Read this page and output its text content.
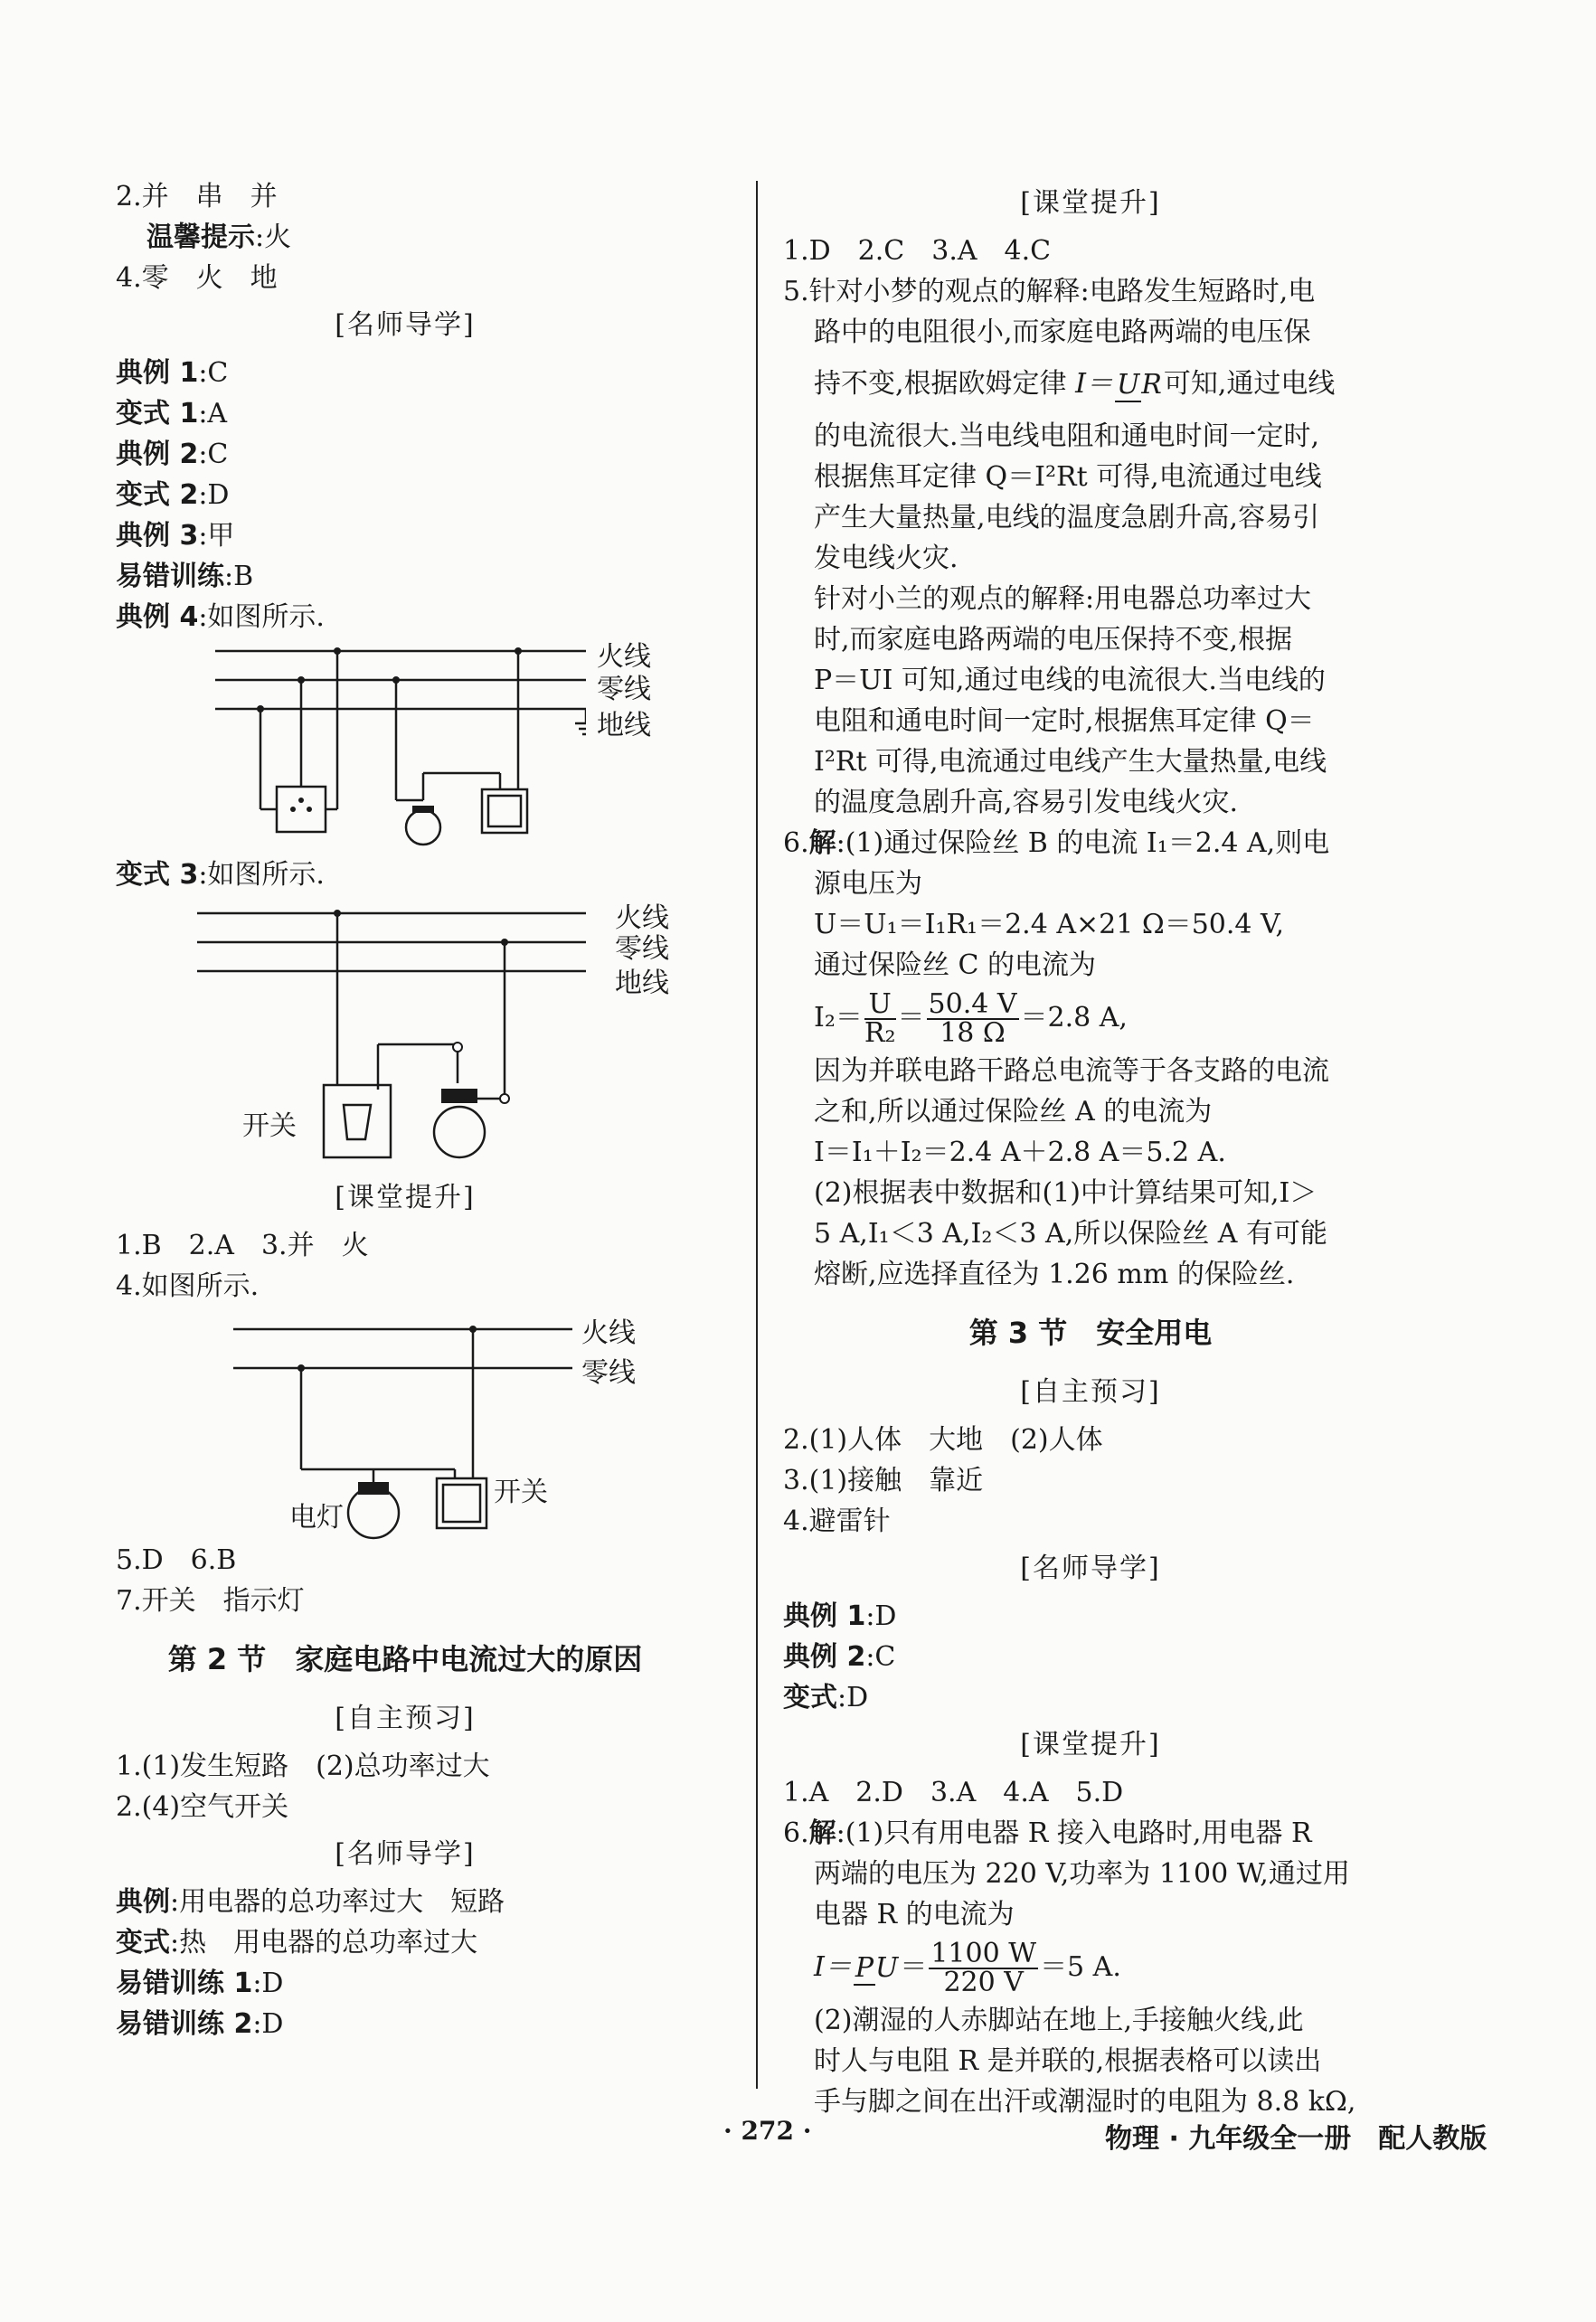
2.并　串　并
温馨提示:火
4.零　火　地
[名师导学]
典例 1:C
变式 1:A
典例 2:C
变式 2:D
典例 3:甲
易错训练:B
典例 4:如图所示.
火线
零线
地线
变式 3:如图所示.
火线
零线
地线
开关
[课堂提升]
1.B　2.A　3.并　火
4.如图所示.
火线
零线
开关
电灯
5.D　6.B
7.开关　指示灯
第 2 节　家庭电路中电流过大的原因
[自主预习]
1.(1)发生短路　(2)总功率过大
2.(4)空气开关
[名师导学]
典例:用电器的总功率过大　短路
变式:热　用电器的总功率过大
易错训练 1:D
易错训练 2:D
[课堂提升]
1.D　2.C　3.A　4.C
5.针对小梦的观点的解释:电路发生短路时,电
路中的电阻很小,而家庭电路两端的电压保
持不变,根据欧姆定律 I＝ UR可知,通过电线
的电流很大.当电线电阻和通电时间一定时,
根据焦耳定律 Q＝I²Rt 可得,电流通过电线
产生大量热量,电线的温度急剧升高,容易引
发电线火灾.
针对小兰的观点的解释:用电器总功率过大
时,而家庭电路两端的电压保持不变,根据
P＝UI 可知,通过电线的电流很大.当电线的
电阻和通电时间一定时,根据焦耳定律 Q＝
I²Rt 可得,电流通过电线产生大量热量,电线
的温度急剧升高,容易引发电线火灾.
6.解:(1)通过保险丝 B 的电流 I₁＝2.4 A,则电
源电压为
U＝U₁＝I₁R₁＝2.4 A×21 Ω＝50.4 V,
通过保险丝 C 的电流为
$I_2= \frac{U}{\text{R₂}} = \frac{50.4 V}{18 \Omega} =2.8$ A,
因为并联电路干路总电流等于各支路的电流
之和,所以通过保险丝 A 的电流为
I＝I₁＋I₂＝2.4 A＋2.8 A＝5.2 A.
(2)根据表中数据和(1)中计算结果可知,I＞
5 A,I₁＜3 A,I₂＜3 A,所以保险丝 A 有可能
熔断,应选择直径为 1.26 mm 的保险丝.
第 3 节　安全用电
[自主预习]
2.(1)人体　大地　(2)人体
3.(1)接触　靠近
4.避雷针
[名师导学]
典例 1:D
典例 2:C
变式:D
[课堂提升]
1.A　2.D　3.A　4.A　5.D
6.解:(1)只有用电器 R 接入电路时,用电器 R
两端的电压为 220 V,功率为 1100 W,通过用
电器 R 的电流为
$I= PU= \frac{1100 W}{220 V} =5$ A.
(2)潮湿的人赤脚站在地上,手接触火线,此
时人与电阻 R 是并联的,根据表格可以读出
手与脚之间在出汗或潮湿时的电阻为 8.8 kΩ,
· 272 ·	物理 · 九年级全一册　配人教版
